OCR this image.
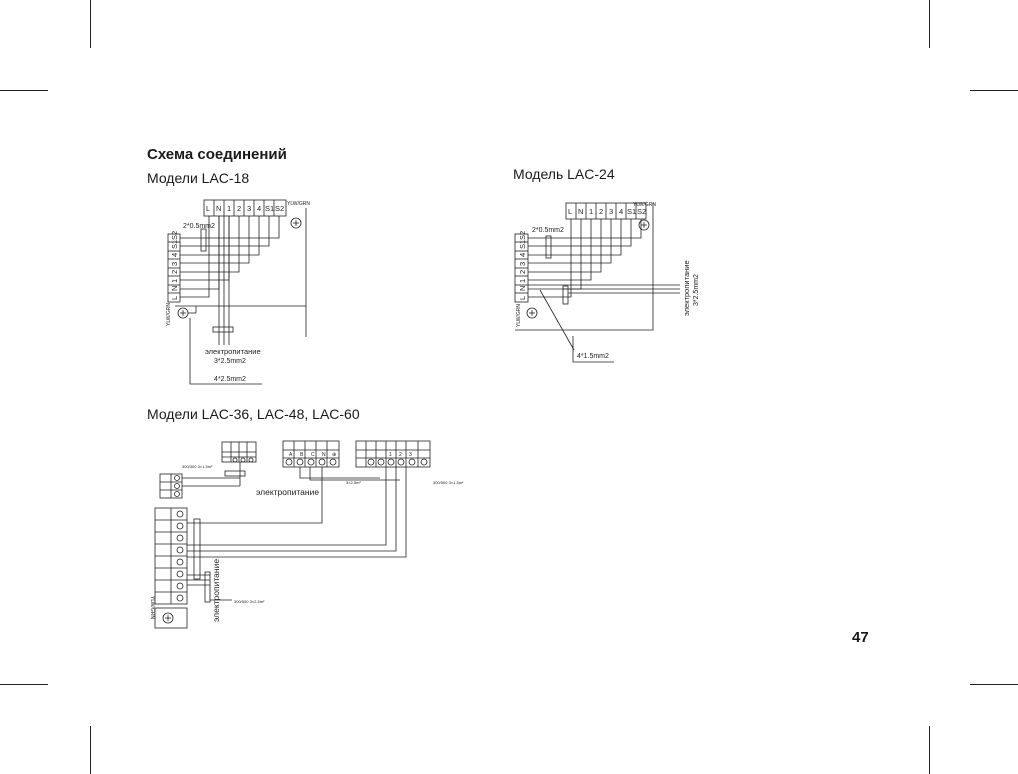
Схема соединений
Модели LAC-18	Модель LAC-24
Модели LAC-36, LAC-48, LAC-60
47
L N 1 2 3 4 S1 S2 YLW/GRN
2*0.5mm2
S2
S1
4
3
2
1
N
L
YLW/GRN
электропитание
3*2.5mm2
4*2.5mm2
L N 1 2 3 4 S1 S2
YLW/GRN
2*0.5mm2
S2
S1
4
3
2
1
N
L
YLW/GRN	электропитание 3*2.5mm2
4*1.5mm2
A B C N ⊕	1 2 3
300/300 3×1.5m²
3×2.5m²	300/500 3×1.5m²
300/500 3×2.5m²
электропитание
электропитание
YLW/GRN
